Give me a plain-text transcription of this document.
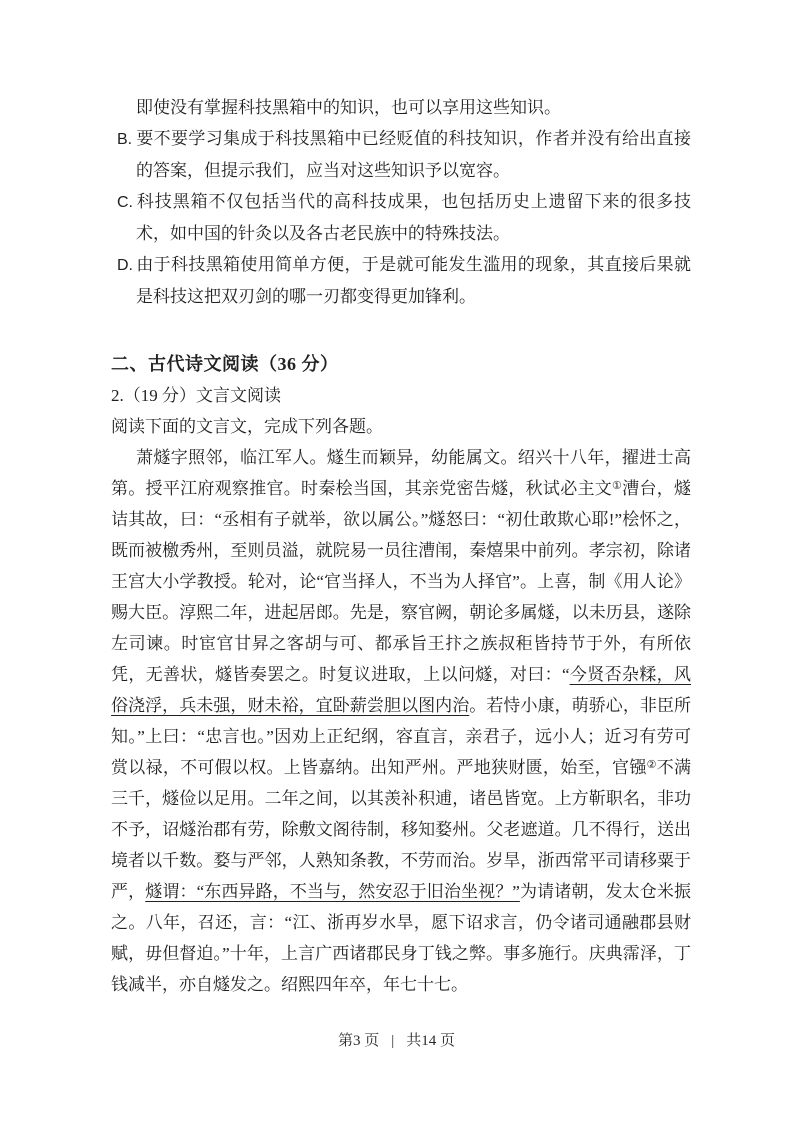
即使没有掌握科技黑箱中的知识，也可以享用这些知识。

B. 要不要学习集成于科技黑箱中已经贬值的科技知识，作者并没有给出直接的答案，但提示我们，应当对这些知识予以宽容。

C. 科技黑箱不仅包括当代的高科技成果，也包括历史上遗留下来的很多技术，如中国的针灸以及各古老民族中的特殊技法。

D. 由于科技黑箱使用简单方便，于是就可能发生滥用的现象，其直接后果就是科技这把双刃剑的哪一刃都变得更加锋利。

二、古代诗文阅读（36 分）

2.（19 分）文言文阅读

阅读下面的文言文，完成下列各题。

萧燧字照邻，临江军人。燧生而颖异，幼能属文。绍兴十八年，擢进士高第。授平江府观察推官。时秦桧当国，其亲党密告燧，秋试必主文①漕台，燧诘其故，曰：“丞相有子就举，欲以属公。”燧怒曰：“初仕敢欺心耶!”桧怀之，既而被檄秀州，至则员溢，就院易一员往漕闱，秦熺果中前列。孝宗初，除诸王宫大小学教授。轮对，论“官当择人，不当为人择官”。上喜，制《用人论》赐大臣。淳熙二年，进起居郎。先是，察官阙，朝论多属燧，以未历县，遂除左司谏。时宦官甘昇之客胡与可、都承旨王抃之族叔秬皆持节于外，有所依凭，无善状，燧皆奏罢之。时复议进取，上以问燧，对曰：“今贤否杂糅，风俗浇浮，兵未强，财未裕，宜卧薪尝胆以图内治。若恃小康，萌骄心，非臣所知。”上曰：“忠言也。”因劝上正纪纲，容直言，亲君子，远小人；近习有劳可赏以禄，不可假以权。上皆嘉纳。出知严州。严地狭财匮，始至，官镪②不满三千，燧俭以足用。二年之间，以其羡补积逋，诸邑皆宽。上方靳职名，非功不予，诏燧治郡有劳，除敷文阁待制，移知婺州。父老遮道。几不得行，送出境者以千数。婺与严邻，人熟知条教，不劳而治。岁旱，浙西常平司请移粟于严，燧谓：“东西异路，不当与，然安忍于旧治坐视？”为请诸朝，发太仓米振之。八年，召还，言：“江、浙再岁水旱，愿下诏求言，仍令诸司通融郡县财赋，毋但督迫。”十年，上言广西诸郡民身丁钱之弊。事多施行。庆典霈泽，丁钱减半，亦自燧发之。绍熙四年卒，年七十七。

第3 页 | 共14 页
